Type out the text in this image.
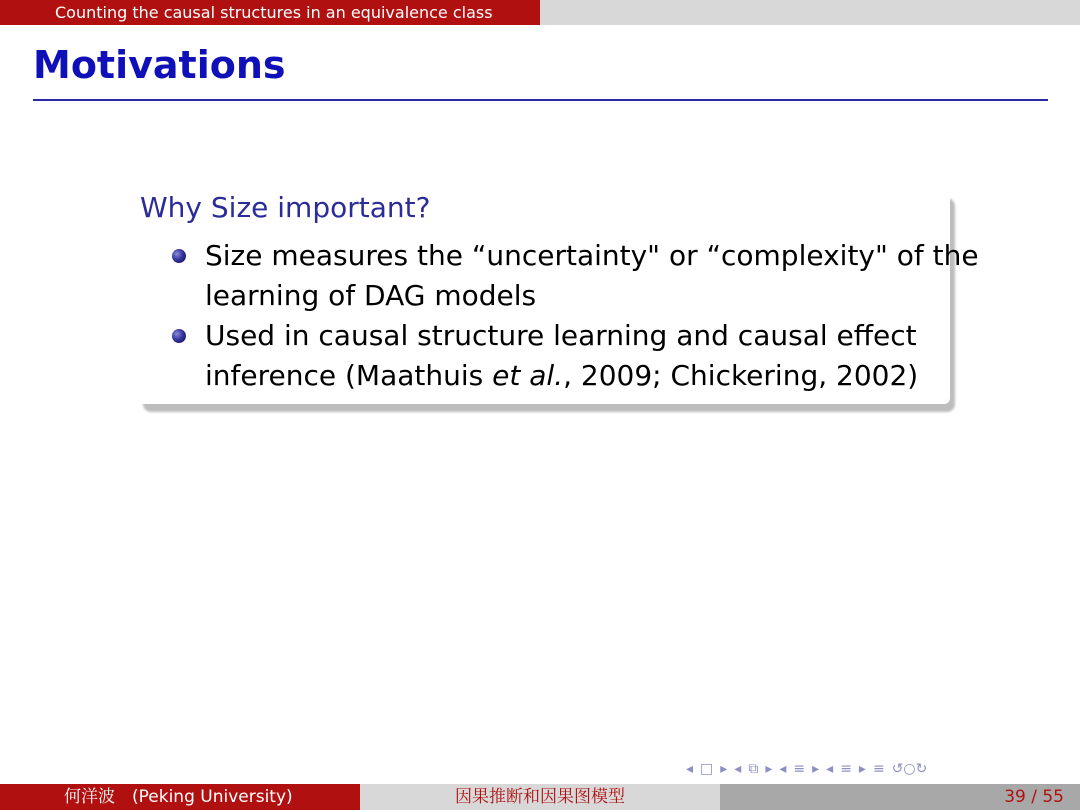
Counting the causal structures in an equivalence class
Motivations
Why Size important?
Size measures the “uncertainty" or “complexity" of the
learning of DAG models
Used in causal structure learning and causal effect
inference (Maathuis et al., 2009; Chickering, 2002)
◂ □ ▸ ◂ ⧉ ▸ ◂ ≡ ▸ ◂ ≡ ▸ ≡ ↺○↻
何洋波　(Peking University)	因果推断和因果图模型	39 / 55
